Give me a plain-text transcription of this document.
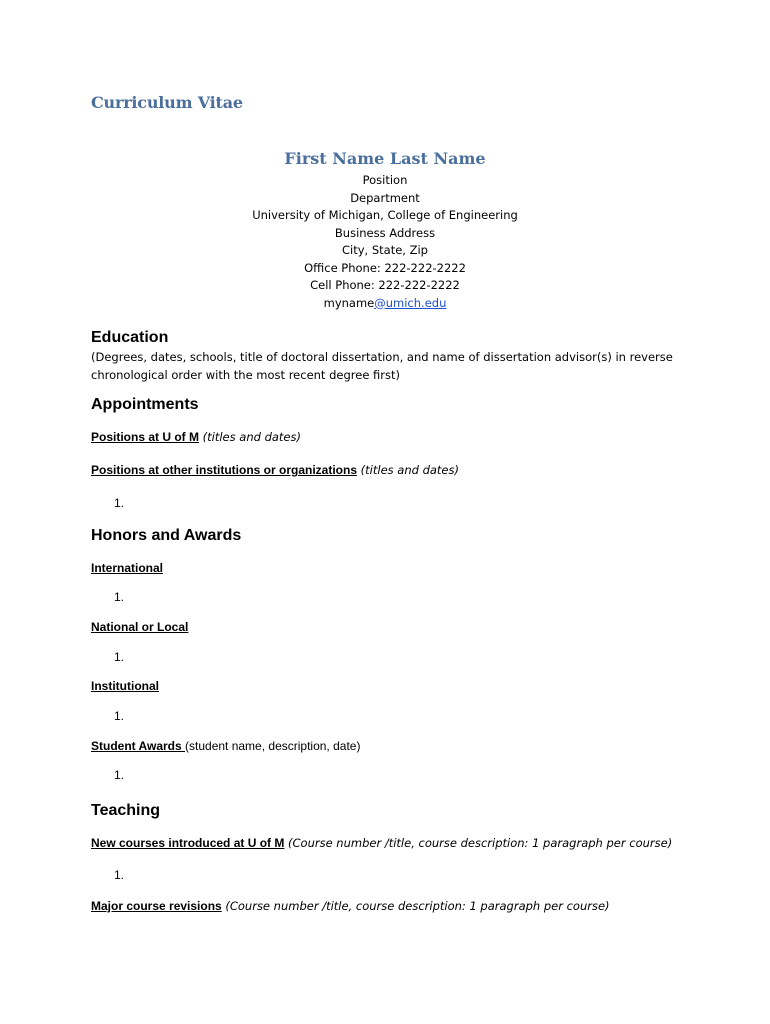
Curriculum Vitae
First Name Last Name
Position
Department
University of Michigan, College of Engineering
Business Address
City, State, Zip
Office Phone: 222-222-2222
Cell Phone: 222-222-2222
myname@umich.edu
Education
(Degrees, dates, schools, title of doctoral dissertation, and name of dissertation advisor(s) in reverse chronological order with the most recent degree first)
Appointments
Positions at U of M (titles and dates)
Positions at other institutions or organizations (titles and dates)
1.
Honors and Awards
International
1.
National or Local
1.
Institutional
1.
Student Awards (student name, description, date)
1.
Teaching
New courses introduced at U of M (Course number /title, course description: 1 paragraph per course)
1.
Major course revisions (Course number /title, course description: 1 paragraph per course)
